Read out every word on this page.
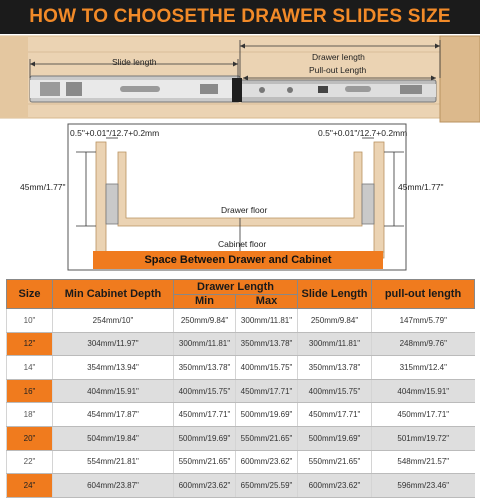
HOW TO CHOOSETHE DRAWER SLIDES SIZE
Slide length	Drawer length
Pull-out Length
0.5"+0.01"/12.7+0.2mm	0.5"+0.01"/12.7+0.2mm
45mm/1.77"	45mm/1.77"
Drawer floor
Cabinet floor
Space Between Drawer and Cabinet
Size	Min Cabinet Depth	Drawer Length		Slide Length	pull-out length
		Min	Max		
10"	254mm/10"	250mm/9.84"	300mm/11.81"	250mm/9.84"	147mm/5.79"
12"	304mm/11.97"	300mm/11.81"	350mm/13.78"	300mm/11.81"	248mm/9.76"
14"	354mm/13.94"	350mm/13.78"	400mm/15.75"	350mm/13.78"	315mm/12.4"
16"	404mm/15.91"	400mm/15.75"	450mm/17.71"	400mm/15.75"	404mm/15.91"
18"	454mm/17.87"	450mm/17.71"	500mm/19.69"	450mm/17.71"	450mm/17.71"
20"	504mm/19.84"	500mm/19.69"	550mm/21.65"	500mm/19.69"	501mm/19.72"
22"	554mm/21.81"	550mm/21.65"	600mm/23.62"	550mm/21.65"	548mm/21.57"
24"	604mm/23.87"	600mm/23.62"	650mm/25.59"	600mm/23.62"	596mm/23.46"
